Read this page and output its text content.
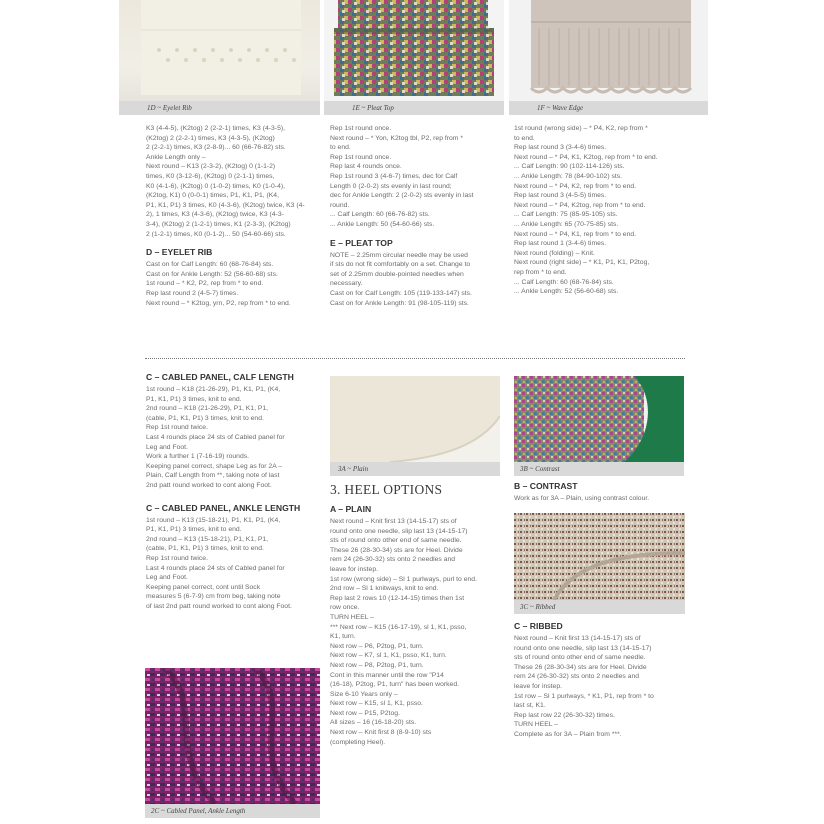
1D ~ Eyelet Rib	1E ~ Pleat Top	1F ~ Wave Edge

K3 (4-4-5), (K2tog) 2 (2-2-1) times, K3 (4-3-5),

(K2tog) 2 (2-2-1) times, K3 (4-3-5), (K2tog)

2 (2-2-1) times, K3 (2-8-9)... 60 (66-76-82) sts.

Ankle Length only –

Next round – K13 (2-3-2), (K2tog) 0 (1-1-2)

times, K0 (3-12-6), (K2tog) 0 (2-1-1) times,

K0 (4-1-6), (K2tog) 0 (1-0-2) times, K0 (1-0-4),

(K2tog, K1) 0 (0-0-1) times, P1, K1, P1, (K4,

P1, K1, P1) 3 times, K0 (4-3-6), (K2tog) twice, K3 (4-

2), 1 times, K3 (4-3-6), (K2tog) twice, K3 (4-3-

3-4), (K2tog) 2 (1-2-1) times, K1 (2-3-3), (K2tog)

2 (1-2-1) times, K0 (0-1-2)... 50 (54-60-66) sts.

D – EYELET RIB

Cast on for Calf Length: 60 (68-76-84) sts.

Cast on for Ankle Length: 52 (56-60-68) sts.

1st round – * K2, P2, rep from * to end.

Rep last round 2 (4-5-7) times.

Next round – * K2tog, yrn, P2, rep from * to end.

Rep 1st round once.

Next round – * Yon, K2tog tbl, P2, rep from *

to end.

Rep 1st round once.

Rep last 4 rounds once.

Rep 1st round 3 (4-6-7) times, dec for Calf

Length 0 (2-0-2) sts evenly in last round;

dec for Ankle Length: 2 (2-0-2) sts evenly in last

round.

... Calf Length: 60 (66-76-82) sts.

... Ankle Length: 50 (54-60-66) sts.

E – PLEAT TOP

NOTE – 2.25mm circular needle may be used

if sts do not fit comfortably on a set. Change to

set of 2.25mm double-pointed needles when

necessary.

Cast on for Calf Length: 105 (119-133-147) sts.

Cast on for Ankle Length: 91 (98-105-119) sts.

1st round (wrong side) – * P4, K2, rep from *

to end.

Rep last round 3 (3-4-6) times.

Next round – * P4, K1, K2tog, rep from * to end.

... Calf Length: 90 (102-114-126) sts.

... Ankle Length: 78 (84-90-102) sts.

Next round – * P4, K2, rep from * to end.

Rep last round 3 (4-5-5) times.

Next round – * P4, K2tog, rep from * to end.

... Calf Length: 75 (85-95-105) sts.

... Ankle Length: 65 (70-75-85) sts.

Next round – * P4, K1, rep from * to end.

Rep last round 1 (3-4-6) times.

Next round (folding) – Knit.

Next round (right side) – * K1, P1, K1, P2tog,

rep from * to end.

... Calf Length: 60 (68-76-84) sts.

... Ankle Length: 52 (56-60-68) sts.

C – CABLED PANEL, CALF LENGTH

1st round – K18 (21-26-29), P1, K1, P1, (K4,

P1, K1, P1) 3 times, knit to end.

2nd round – K18 (21-26-29), P1, K1, P1,

(cable, P1, K1, P1) 3 times, knit to end.

Rep 1st round twice.

Last 4 rounds place 24 sts of Cabled panel for

Leg and Foot.

Work a further 1 (7-16-19) rounds.

Keeping panel correct, shape Leg as for 2A –

Plain, Calf Length from **, taking note of last

2nd patt round worked to cont along Foot.

C – CABLED PANEL, ANKLE LENGTH

1st round – K13 (15-18-21), P1, K1, P1, (K4,

P1, K1, P1) 3 times, knit to end.

2nd round – K13 (15-18-21), P1, K1, P1,

(cable, P1, K1, P1) 3 times, knit to end.

Rep 1st round twice.

Last 4 rounds place 24 sts of Cabled panel for

Leg and Foot.

Keeping panel correct, cont until Sock

measures 5 (6-7-9) cm from beg, taking note

of last 2nd patt round worked to cont along Foot.

2C ~ Cabled Panel, Ankle Length
3A ~ Plain
3. HEEL OPTIONS
A – PLAIN

Next round – Knit first 13 (14-15-17) sts of

round onto one needle, slip last 13 (14-15-17)

sts of round onto other end of same needle.

These 26 (28-30-34) sts are for Heel. Divide

rem 24 (26-30-32) sts onto 2 needles and

leave for instep.

1st row (wrong side) – Sl 1 purlways, purl to end.

2nd row – Sl 1 knitways, knit to end.

Rep last 2 rows 10 (12-14-15) times then 1st

row once.

TURN HEEL –

*** Next row – K15 (16-17-19), sl 1, K1, psso,

K1, turn.

Next row – P6, P2tog, P1, turn.

Next row – K7, sl 1, K1, psso, K1, turn.

Next row – P8, P2tog, P1, turn.

Cont in this manner until the row "P14

(16-18), P2tog, P1, turn" has been worked.

Size 6-10 Years only –

Next row – K15, sl 1, K1, psso.

Next row – P15, P2tog.

All sizes – 16 (16-18-20) sts.

Next row – Knit first 8 (8-9-10) sts

(completing Heel).

3B ~ Contrast
B – CONTRAST

Work as for 3A – Plain, using contrast colour.

3C ~ Ribbed
C – RIBBED

Next round – Knit first 13 (14-15-17) sts of

round onto one needle, slip last 13 (14-15-17)

sts of round onto other end of same needle.

These 26 (28-30-34) sts are for Heel. Divide

rem 24 (26-30-32) sts onto 2 needles and

leave for instep.

1st row – Sl 1 purlways, * K1, P1, rep from * to

last st, K1.

Rep last row 22 (26-30-32) times.

TURN HEEL –

Complete as for 3A – Plain from ***.
